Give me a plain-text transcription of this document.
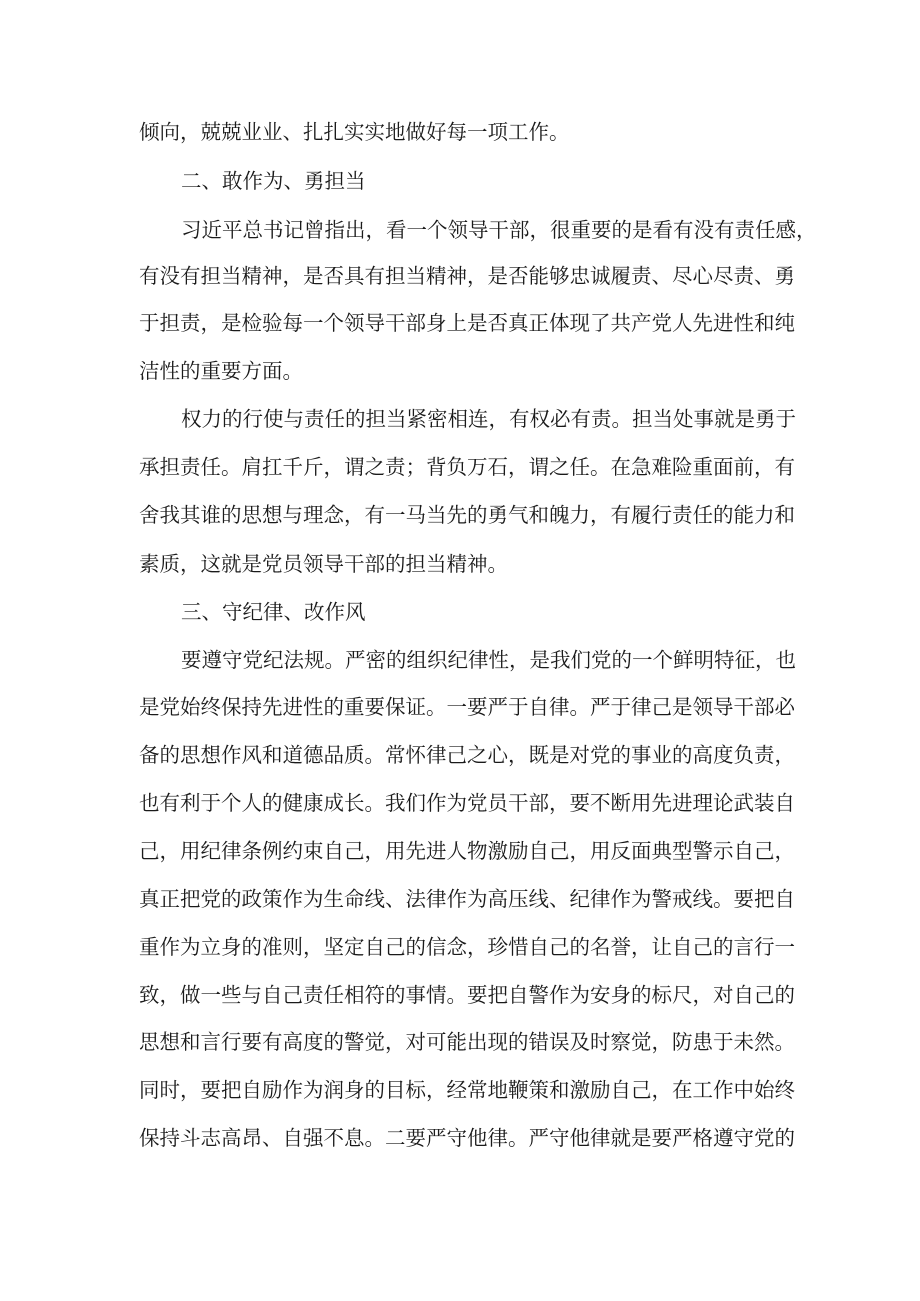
倾向，兢兢业业、扎扎实实地做好每一项工作。
二、敢作为、勇担当
习近平总书记曾指出，看一个领导干部，很重要的是看有没有责任感，
有没有担当精神，是否具有担当精神，是否能够忠诚履责、尽心尽责、勇
于担责，是检验每一个领导干部身上是否真正体现了共产党人先进性和纯
洁性的重要方面。
权力的行使与责任的担当紧密相连，有权必有责。担当处事就是勇于
承担责任。肩扛千斤，谓之责；背负万石，谓之任。在急难险重面前，有
舍我其谁的思想与理念，有一马当先的勇气和魄力，有履行责任的能力和
素质，这就是党员领导干部的担当精神。
三、守纪律、改作风
要遵守党纪法规。严密的组织纪律性，是我们党的一个鲜明特征，也
是党始终保持先进性的重要保证。一要严于自律。严于律己是领导干部必
备的思想作风和道德品质。常怀律己之心，既是对党的事业的高度负责，
也有利于个人的健康成长。我们作为党员干部，要不断用先进理论武装自
己，用纪律条例约束自己，用先进人物激励自己，用反面典型警示自己，
真正把党的政策作为生命线、法律作为高压线、纪律作为警戒线。要把自
重作为立身的准则，坚定自己的信念，珍惜自己的名誉，让自己的言行一
致，做一些与自己责任相符的事情。要把自警作为安身的标尺，对自己的
思想和言行要有高度的警觉，对可能出现的错误及时察觉，防患于未然。
同时，要把自励作为润身的目标，经常地鞭策和激励自己，在工作中始终
保持斗志高昂、自强不息。二要严守他律。严守他律就是要严格遵守党的
